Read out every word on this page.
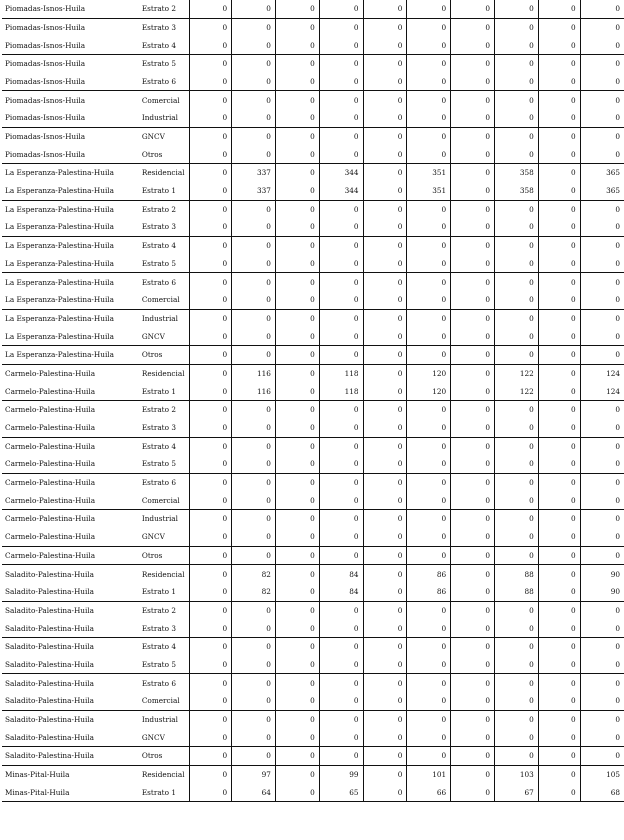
Piomadas-Isnos-Huila	Estrato 2	0	0	0	0	0	0	0	0	0	0
Piomadas-Isnos-Huila	Estrato 3	0	0	0	0	0	0	0	0	0	0
Piomadas-Isnos-Huila	Estrato 4	0	0	0	0	0	0	0	0	0	0
Piomadas-Isnos-Huila	Estrato 5	0	0	0	0	0	0	0	0	0	0
Piomadas-Isnos-Huila	Estrato 6	0	0	0	0	0	0	0	0	0	0
Piomadas-Isnos-Huila	Comercial	0	0	0	0	0	0	0	0	0	0
Piomadas-Isnos-Huila	Industrial	0	0	0	0	0	0	0	0	0	0
Piomadas-Isnos-Huila	GNCV	0	0	0	0	0	0	0	0	0	0
Piomadas-Isnos-Huila	Otros	0	0	0	0	0	0	0	0	0	0
La Esperanza-Palestina-Huila	Residencial	0	337	0	344	0	351	0	358	0	365
La Esperanza-Palestina-Huila	Estrato 1	0	337	0	344	0	351	0	358	0	365
La Esperanza-Palestina-Huila	Estrato 2	0	0	0	0	0	0	0	0	0	0
La Esperanza-Palestina-Huila	Estrato 3	0	0	0	0	0	0	0	0	0	0
La Esperanza-Palestina-Huila	Estrato 4	0	0	0	0	0	0	0	0	0	0
La Esperanza-Palestina-Huila	Estrato 5	0	0	0	0	0	0	0	0	0	0
La Esperanza-Palestina-Huila	Estrato 6	0	0	0	0	0	0	0	0	0	0
La Esperanza-Palestina-Huila	Comercial	0	0	0	0	0	0	0	0	0	0
La Esperanza-Palestina-Huila	Industrial	0	0	0	0	0	0	0	0	0	0
La Esperanza-Palestina-Huila	GNCV	0	0	0	0	0	0	0	0	0	0
La Esperanza-Palestina-Huila	Otros	0	0	0	0	0	0	0	0	0	0
Carmelo-Palestina-Huila	Residencial	0	116	0	118	0	120	0	122	0	124
Carmelo-Palestina-Huila	Estrato 1	0	116	0	118	0	120	0	122	0	124
Carmelo-Palestina-Huila	Estrato 2	0	0	0	0	0	0	0	0	0	0
Carmelo-Palestina-Huila	Estrato 3	0	0	0	0	0	0	0	0	0	0
Carmelo-Palestina-Huila	Estrato 4	0	0	0	0	0	0	0	0	0	0
Carmelo-Palestina-Huila	Estrato 5	0	0	0	0	0	0	0	0	0	0
Carmelo-Palestina-Huila	Estrato 6	0	0	0	0	0	0	0	0	0	0
Carmelo-Palestina-Huila	Comercial	0	0	0	0	0	0	0	0	0	0
Carmelo-Palestina-Huila	Industrial	0	0	0	0	0	0	0	0	0	0
Carmelo-Palestina-Huila	GNCV	0	0	0	0	0	0	0	0	0	0
Carmelo-Palestina-Huila	Otros	0	0	0	0	0	0	0	0	0	0
Saladito-Palestina-Huila	Residencial	0	82	0	84	0	86	0	88	0	90
Saladito-Palestina-Huila	Estrato 1	0	82	0	84	0	86	0	88	0	90
Saladito-Palestina-Huila	Estrato 2	0	0	0	0	0	0	0	0	0	0
Saladito-Palestina-Huila	Estrato 3	0	0	0	0	0	0	0	0	0	0
Saladito-Palestina-Huila	Estrato 4	0	0	0	0	0	0	0	0	0	0
Saladito-Palestina-Huila	Estrato 5	0	0	0	0	0	0	0	0	0	0
Saladito-Palestina-Huila	Estrato 6	0	0	0	0	0	0	0	0	0	0
Saladito-Palestina-Huila	Comercial	0	0	0	0	0	0	0	0	0	0
Saladito-Palestina-Huila	Industrial	0	0	0	0	0	0	0	0	0	0
Saladito-Palestina-Huila	GNCV	0	0	0	0	0	0	0	0	0	0
Saladito-Palestina-Huila	Otros	0	0	0	0	0	0	0	0	0	0
Minas-Pital-Huila	Residencial	0	97	0	99	0	101	0	103	0	105
Minas-Pital-Huila	Estrato 1	0	64	0	65	0	66	0	67	0	68
